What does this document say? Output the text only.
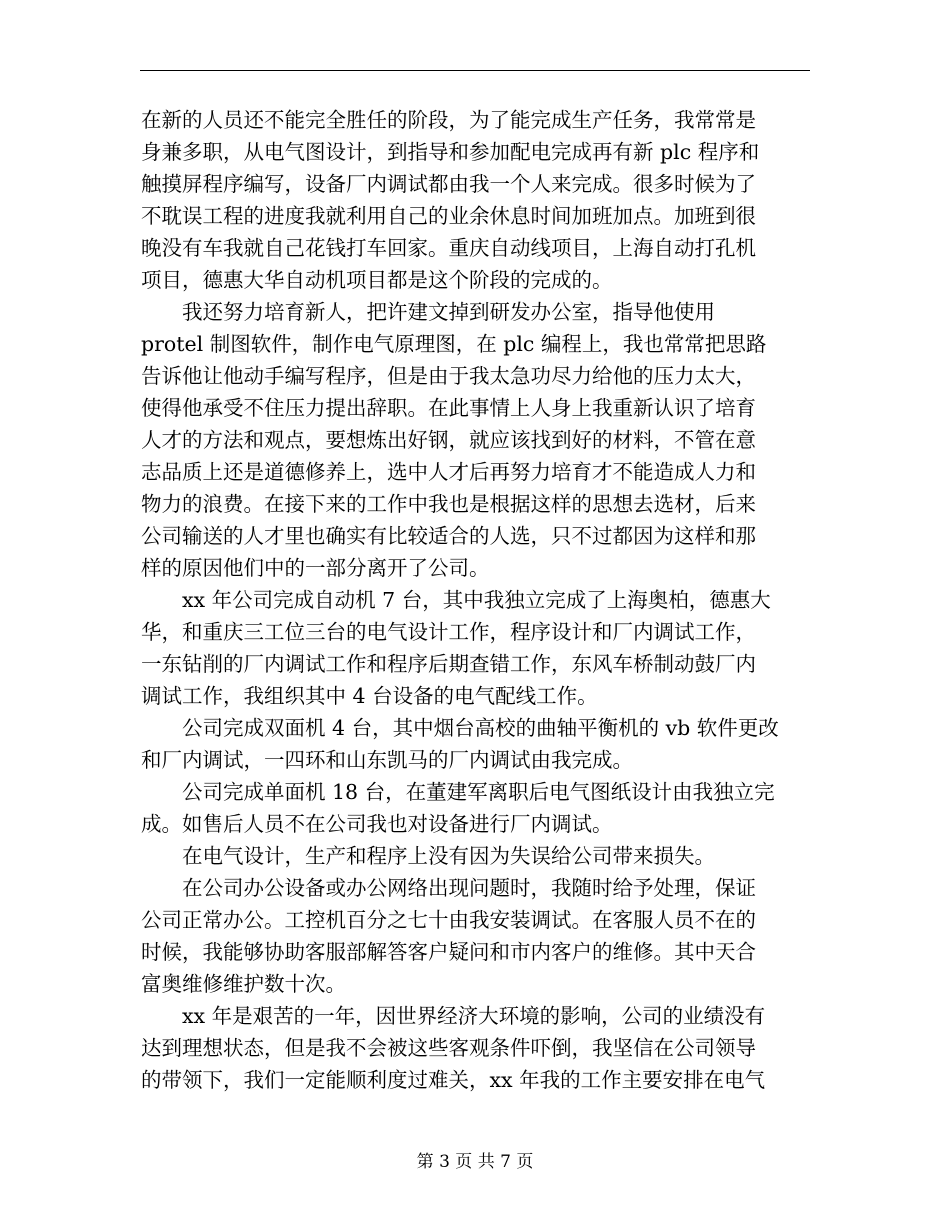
在新的人员还不能完全胜任的阶段，为了能完成生产任务，我常常是
身兼多职，从电气图设计，到指导和参加配电完成再有新 plc 程序和
触摸屏程序编写，设备厂内调试都由我一个人来完成。很多时候为了
不耽误工程的进度我就利用自己的业余休息时间加班加点。加班到很
晚没有车我就自己花钱打车回家。重庆自动线项目，上海自动打孔机
项目，德惠大华自动机项目都是这个阶段的完成的。
我还努力培育新人，把许建文掉到研发办公室，指导他使用
protel 制图软件，制作电气原理图，在 plc 编程上，我也常常把思路
告诉他让他动手编写程序，但是由于我太急功尽力给他的压力太大，
使得他承受不住压力提出辞职。在此事情上人身上我重新认识了培育
人才的方法和观点，要想炼出好钢，就应该找到好的材料，不管在意
志品质上还是道德修养上，选中人才后再努力培育才不能造成人力和
物力的浪费。在接下来的工作中我也是根据这样的思想去选材，后来
公司输送的人才里也确实有比较适合的人选，只不过都因为这样和那
样的原因他们中的一部分离开了公司。
xx 年公司完成自动机 7 台，其中我独立完成了上海奥柏，德惠大
华，和重庆三工位三台的电气设计工作，程序设计和厂内调试工作，
一东钻削的厂内调试工作和程序后期查错工作，东风车桥制动鼓厂内
调试工作，我组织其中 4 台设备的电气配线工作。
公司完成双面机 4 台，其中烟台高校的曲轴平衡机的 vb 软件更改
和厂内调试，一四环和山东凯马的厂内调试由我完成。
公司完成单面机 18 台，在董建军离职后电气图纸设计由我独立完
成。如售后人员不在公司我也对设备进行厂内调试。
在电气设计，生产和程序上没有因为失误给公司带来损失。
在公司办公设备或办公网络出现问题时，我随时给予处理，保证
公司正常办公。工控机百分之七十由我安装调试。在客服人员不在的
时候，我能够协助客服部解答客户疑问和市内客户的维修。其中天合
富奥维修维护数十次。
xx 年是艰苦的一年，因世界经济大环境的影响，公司的业绩没有
达到理想状态，但是我不会被这些客观条件吓倒，我坚信在公司领导
的带领下，我们一定能顺利度过难关，xx 年我的工作主要安排在电气
第 3 页 共 7 页
